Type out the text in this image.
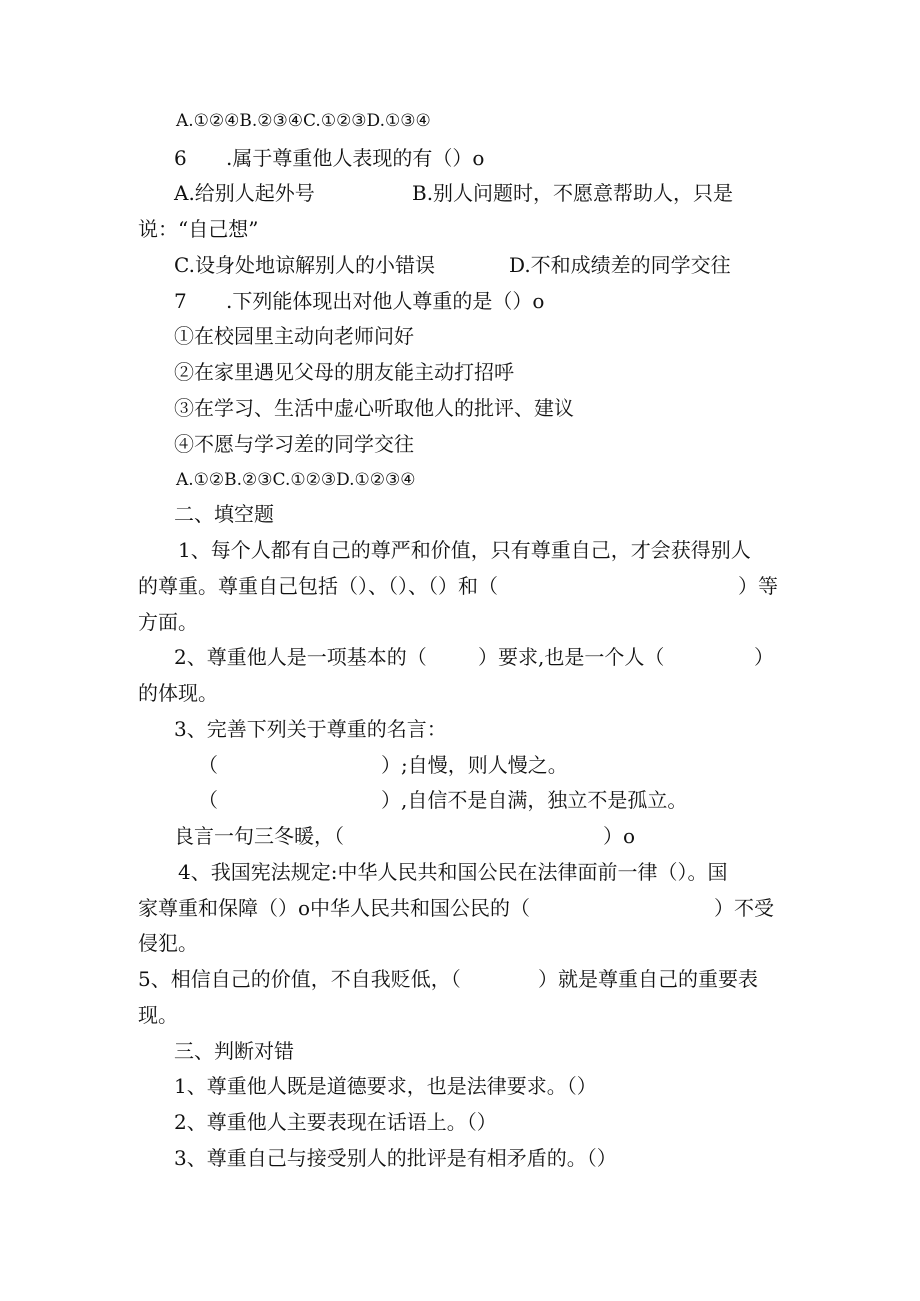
A.①②④B.②③④C.①②③D.①③④
6 .属于尊重他人表现的有（）o
A.给别人起外号	B.别人问题时，不愿意帮助人，只是
说：“自己想”
C.设身处地谅解别人的小错误	D.不和成绩差的同学交往
7 .下列能体现出对他人尊重的是（）o
①在校园里主动向老师问好
②在家里遇见父母的朋友能主动打招呼
③在学习、生活中虚心听取他人的批评、建议
④不愿与学习差的同学交往
A.①②B.②③C.①②③D.①②③④
二、填空题
1、每个人都有自己的尊严和价值，只有尊重自己，才会获得别人
的尊重。尊重自己包括（）、（）、（）和（	）等
方面。
2、尊重他人是一项基本的（	）要求,也是一个人（	）
的体现。
3、完善下列关于尊重的名言：
（	）;自慢，则人慢之。
（	）,自信不是自满，独立不是孤立。
良言一句三冬暖，（	）o
4、我国宪法规定:中华人民共和国公民在法律面前一律（）。国
家尊重和保障（）o中华人民共和国公民的（	）不受
侵犯。
5、相信自己的价值，不自我贬低，（	）就是尊重自己的重要表
现。
三、判断对错
1、尊重他人既是道德要求，也是法律要求。（）
2、尊重他人主要表现在话语上。（）
3、尊重自己与接受别人的批评是有相矛盾的。（）
